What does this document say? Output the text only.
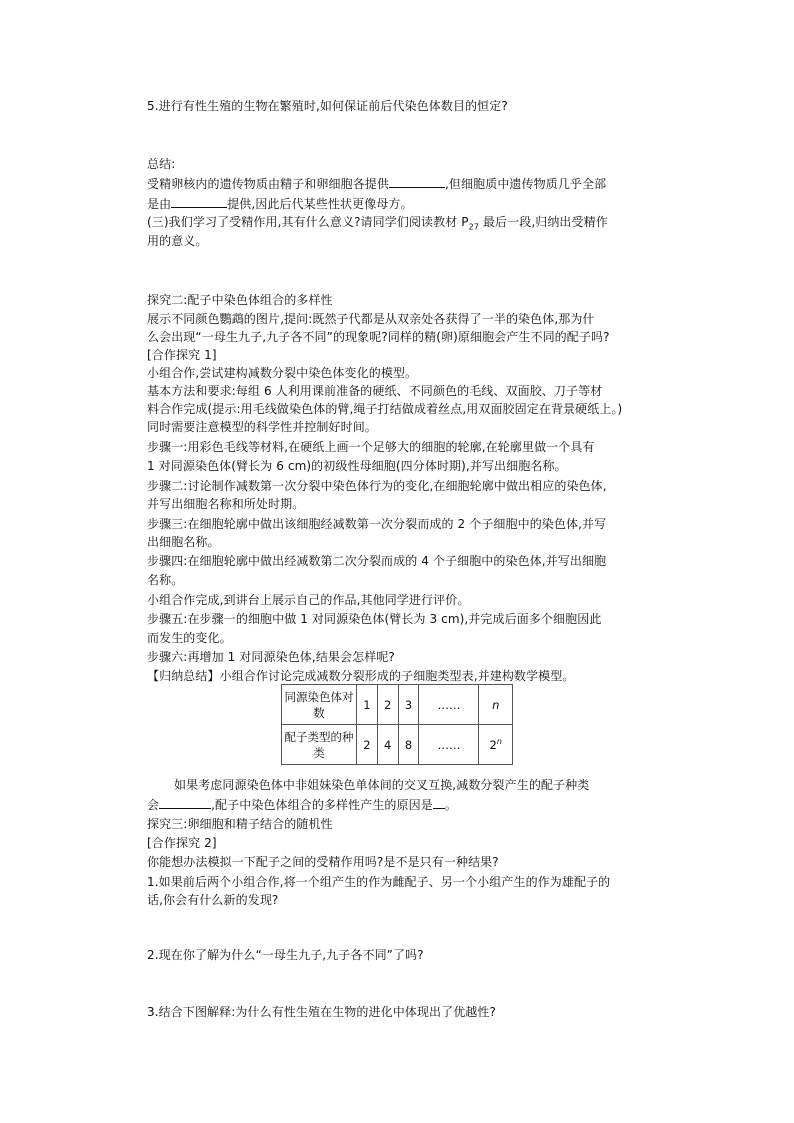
5.进行有性生殖的生物在繁殖时,如何保证前后代染色体数目的恒定?
总结:
受精卵核内的遗传物质由精子和卵细胞各提供	,但细胞质中遗传物质几乎全部
是由	提供,因此后代某些性状更像母方。
(三)我们学习了受精作用,其有什么意义?请同学们阅读教材 $P_{27}$ 最后一段,归纳出受精作
用的意义。
探究二:配子中染色体组合的多样性
展示不同颜色鸚鵡的图片,提问:既然子代都是从双亲处各获得了一半的染色体,那为什
么会出现“一母生九子,九子各不同”的现象呢?同样的精(卵)原细胞会产生不同的配子吗?
[合作探究 1]
小组合作,尝试建构减数分裂中染色体变化的模型。
基本方法和要求:每组 6 人利用课前准备的硬纸、不同颜色的毛线、双面胶、刀子等材
料合作完成(提示:用毛线做染色体的臂,绳子打结做成着丝点,用双面胶固定在背景硬纸上。)
同时需要注意模型的科学性并控制好时间。
步骤一:用彩色毛线等材料,在硬纸上画一个足够大的细胞的轮廓,在轮廓里做一个具有
1 对同源染色体(臂长为 6 cm)的初级性母细胞(四分体时期),并写出细胞名称。
步骤二:讨论制作减数第一次分裂中染色体行为的变化,在细胞轮廓中做出相应的染色体,
并写出细胞名称和所处时期。
步骤三:在细胞轮廓中做出该细胞经减数第一次分裂而成的 2 个子细胞中的染色体,并写
出细胞名称。
步骤四:在细胞轮廓中做出经减数第二次分裂而成的 4 个子细胞中的染色体,并写出细胞
名称。
小组合作完成,到讲台上展示自己的作品,其他同学进行评价。
步骤五:在步骤一的细胞中做 1 对同源染色体(臂长为 3 cm),并完成后面多个细胞因此
而发生的变化。
步骤六:再增加 1 对同源染色体,结果会怎样呢?
【归纳总结】小组合作讨论完成减数分裂形成的子细胞类型表,并建构数学模型。
同源染色体对数	1	2	3	……	n
配子类型的种类	2	4	8	……	2$^n$
如果考虑同源染色体中非姐妹染色单体间的交叉互换,减数分裂产生的配子种类
会	,配子中染色体组合的多样性产生的原因是 。
探究三:卵细胞和精子结合的随机性
[合作探究 2]
你能想办法模拟一下配子之间的受精作用吗?是不是只有一种结果?
1.如果前后两个小组合作,将一个组产生的作为雌配子、另一个小组产生的作为雄配子的
话,你会有什么新的发现?
2.现在你了解为什么“一母生九子,九子各不同”了吗?
3.结合下图解释:为什么有性生殖在生物的进化中体现出了优越性?
